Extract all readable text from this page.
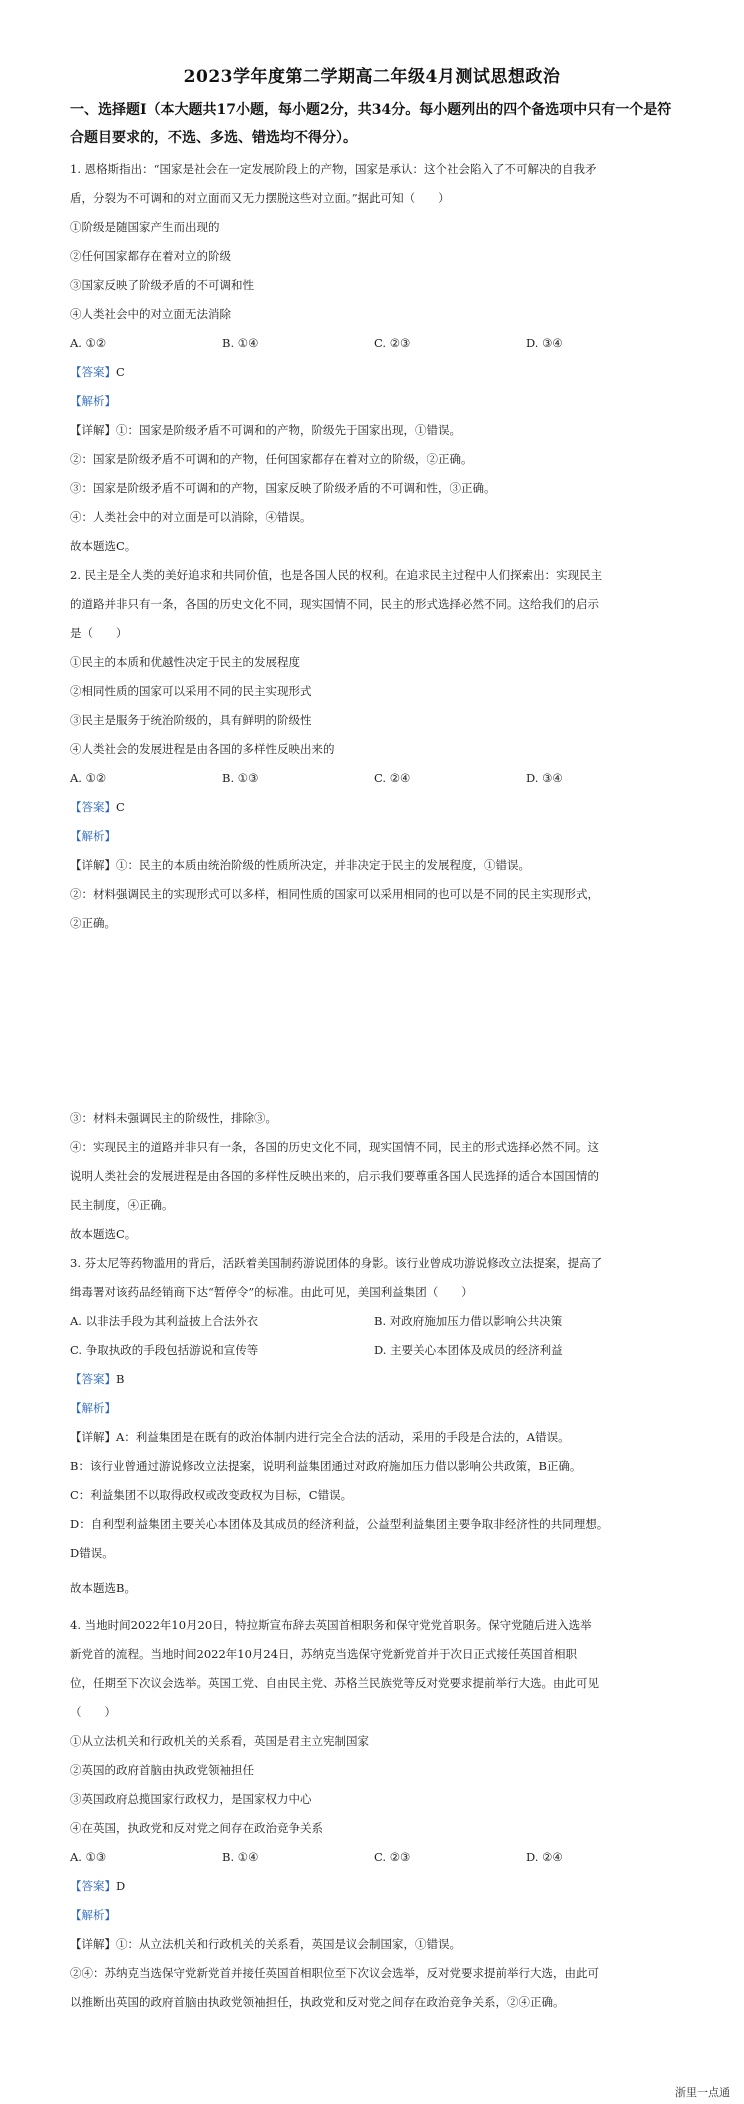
2023学年度第二学期高二年级4月测试思想政治
一、选择题Ⅰ（本大题共17小题，每小题2分，共34分。每小题列出的四个备选项中只有一个是符合题目要求的，不选、多选、错选均不得分）。
1. 恩格斯指出：“国家是社会在一定发展阶段上的产物，国家是承认：这个社会陷入了不可解决的自我矛
盾，分裂为不可调和的对立面而又无力摆脱这些对立面。”据此可知（　　）
①阶级是随国家产生而出现的
②任何国家都存在着对立的阶级
③国家反映了阶级矛盾的不可调和性
④人类社会中的对立面无法消除
A. ①②	B. ①④	C. ②③	D. ③④
【答案】C
【解析】
【详解】①：国家是阶级矛盾不可调和的产物，阶级先于国家出现，①错误。
②：国家是阶级矛盾不可调和的产物，任何国家都存在着对立的阶级，②正确。
③：国家是阶级矛盾不可调和的产物，国家反映了阶级矛盾的不可调和性，③正确。
④：人类社会中的对立面是可以消除，④错误。
故本题选C。
2. 民主是全人类的美好追求和共同价值，也是各国人民的权利。在追求民主过程中人们探索出：实现民主
的道路并非只有一条，各国的历史文化不同，现实国情不同，民主的形式选择必然不同。这给我们的启示
是（　　）
①民主的本质和优越性决定于民主的发展程度
②相同性质的国家可以采用不同的民主实现形式
③民主是服务于统治阶级的，具有鲜明的阶级性
④人类社会的发展进程是由各国的多样性反映出来的
A. ①②	B. ①③	C. ②④	D. ③④
【答案】C
【解析】
【详解】①：民主的本质由统治阶级的性质所决定，并非决定于民主的发展程度，①错误。
②：材料强调民主的实现形式可以多样，相同性质的国家可以采用相同的也可以是不同的民主实现形式，
②正确。
③：材料未强调民主的阶级性，排除③。
④：实现民主的道路并非只有一条，各国的历史文化不同，现实国情不同，民主的形式选择必然不同。这
说明人类社会的发展进程是由各国的多样性反映出来的，启示我们要尊重各国人民选择的适合本国国情的
民主制度，④正确。
故本题选C。
3. 芬太尼等药物滥用的背后，活跃着美国制药游说团体的身影。该行业曾成功游说修改立法提案，提高了
缉毒署对该药品经销商下达“暂停令”的标准。由此可见，美国利益集团（　　）
A. 以非法手段为其利益披上合法外衣	B. 对政府施加压力借以影响公共决策
C. 争取执政的手段包括游说和宣传等	D. 主要关心本团体及成员的经济利益
【答案】B
【解析】
【详解】A：利益集团是在既有的政治体制内进行完全合法的活动，采用的手段是合法的，A错误。
B：该行业曾通过游说修改立法提案，说明利益集团通过对政府施加压力借以影响公共政策，B正确。
C：利益集团不以取得政权或改变政权为目标，C错误。
D：自利型利益集团主要关心本团体及其成员的经济利益，公益型利益集团主要争取非经济性的共同理想。
D错误。
故本题选B。
4. 当地时间2022年10月20日，特拉斯宣布辞去英国首相职务和保守党党首职务。保守党随后进入选举
新党首的流程。当地时间2022年10月24日，苏纳克当选保守党新党首并于次日正式接任英国首相职
位，任期至下次议会选举。英国工党、自由民主党、苏格兰民族党等反对党要求提前举行大选。由此可见
（　　）
①从立法机关和行政机关的关系看，英国是君主立宪制国家
②英国的政府首脑由执政党领袖担任
③英国政府总揽国家行政权力，是国家权力中心
④在英国，执政党和反对党之间存在政治竞争关系
A. ①③	B. ①④	C. ②③	D. ②④
【答案】D
【解析】
【详解】①：从立法机关和行政机关的关系看，英国是议会制国家，①错误。
②④：苏纳克当选保守党新党首并接任英国首相职位至下次议会选举，反对党要求提前举行大选，由此可
以推断出英国的政府首脑由执政党领袖担任，执政党和反对党之间存在政治竞争关系，②④正确。
浙里一点通
